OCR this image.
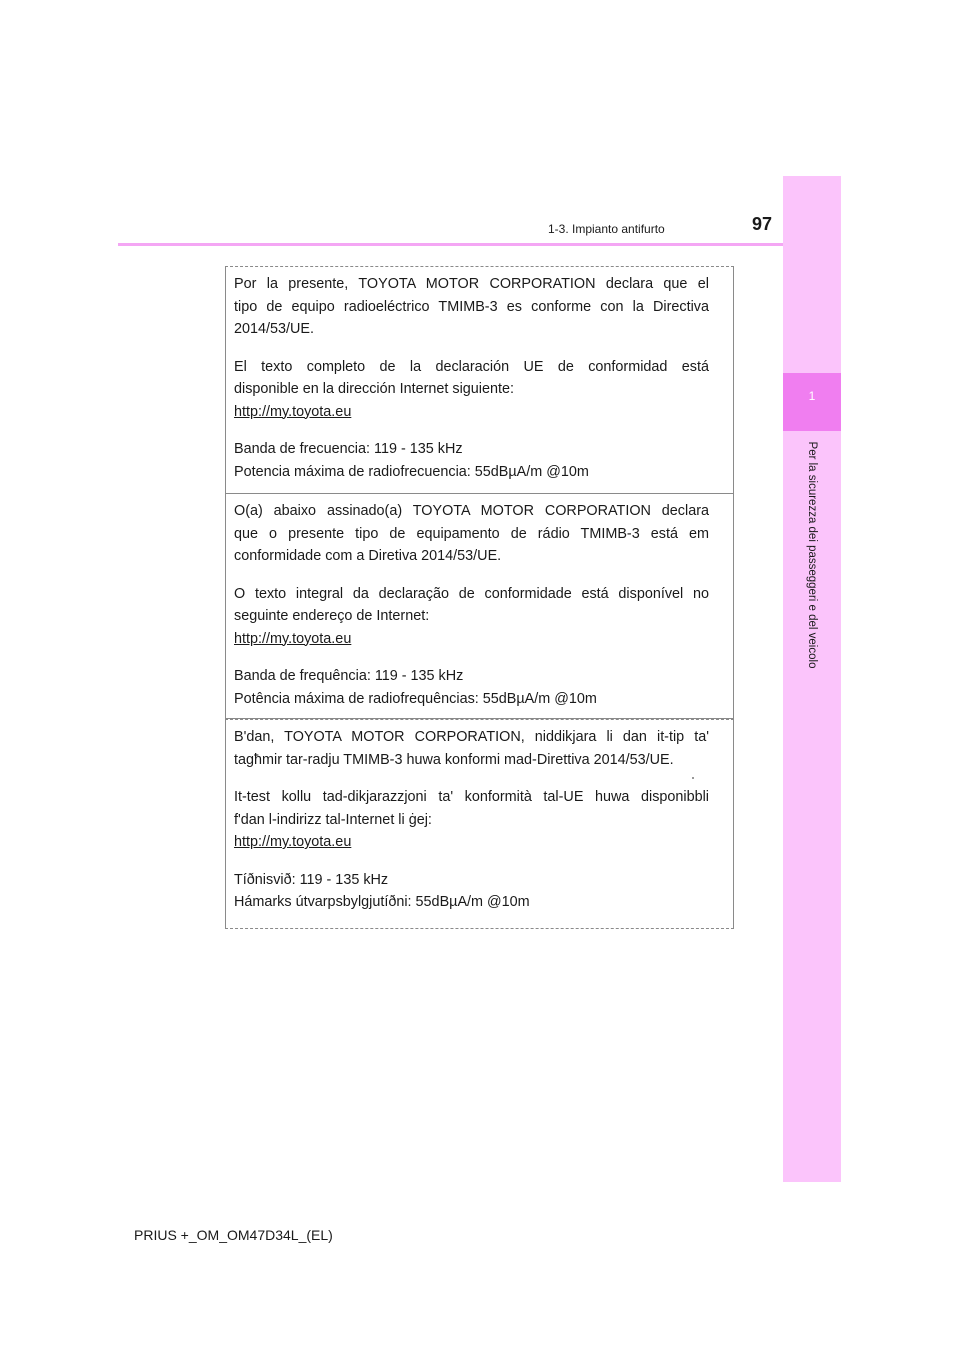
1-3. Impianto antifurto	97
1
Per la sicurezza dei passeggeri e del veicolo

Por la presente, TOYOTA MOTOR CORPORATION declara que el

tipo de equipo radioeléctrico TMIMB-3 es conforme con la Directiva

2014/53/UE.

El texto completo de la declaración UE de conformidad está

disponible en la dirección Internet siguiente:

http://my.toyota.eu

Banda de frecuencia: 119 - 135 kHz

Potencia máxima de radiofrecuencia: 55dBµA/m @10m

O(a) abaixo assinado(a) TOYOTA MOTOR CORPORATION declara

que o presente tipo de equipamento de rádio TMIMB-3 está em

conformidade com a Diretiva 2014/53/UE.

O texto integral da declaração de conformidade está disponível no

seguinte endereço de Internet:

http://my.toyota.eu

Banda de frequência: 119 - 135 kHz

Potência máxima de radiofrequências: 55dBµA/m @10m

B'dan, TOYOTA MOTOR CORPORATION, niddikjara li dan it-tip ta'

tagħmir tar-radju TMIMB-3 huwa konformi mad-Direttiva 2014/53/UE.

It-test kollu tad-dikjarazzjoni ta' konformità tal-UE huwa disponibbli

f'dan l-indirizz tal-Internet li ġej:

http://my.toyota.eu

Tíðnisvið: 119 - 135 kHz

Hámarks útvarpsbylgjutíðni: 55dBµA/m @10m

PRIUS +_OM_OM47D34L_(EL)
